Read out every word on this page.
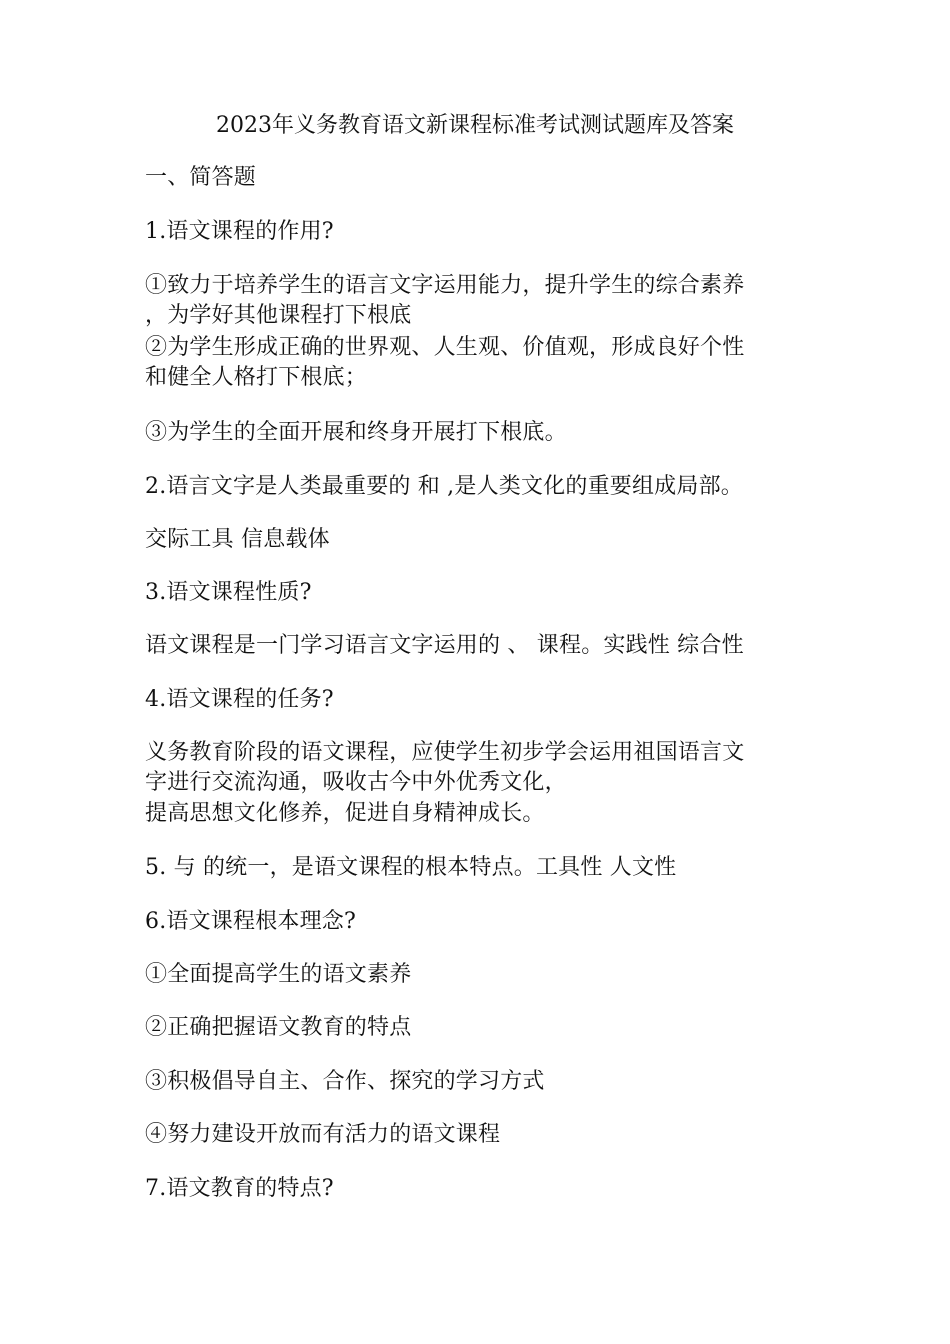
2023年义务教育语文新课程标准考试测试题库及答案
一、简答题
1.语文课程的作用?
①致力于培养学生的语言文字运用能力，提升学生的综合素养
，为学好其他课程打下根底
②为学生形成正确的世界观、人生观、价值观，形成良好个性
和健全人格打下根底；
③为学生的全面开展和终身开展打下根底。
2.语言文字是人类最重要的 和 ,是人类文化的重要组成局部。
交际工具 信息载体
3.语文课程性质?
语文课程是一门学习语言文字运用的 、 课程。实践性 综合性
4.语文课程的任务?
义务教育阶段的语文课程，应使学生初步学会运用祖国语言文
字进行交流沟通，吸收古今中外优秀文化，
提高思想文化修养，促进自身精神成长。
5. 与 的统一，是语文课程的根本特点。工具性 人文性
6.语文课程根本理念?
①全面提高学生的语文素养
②正确把握语文教育的特点
③积极倡导自主、合作、探究的学习方式
④努力建设开放而有活力的语文课程
7.语文教育的特点?
